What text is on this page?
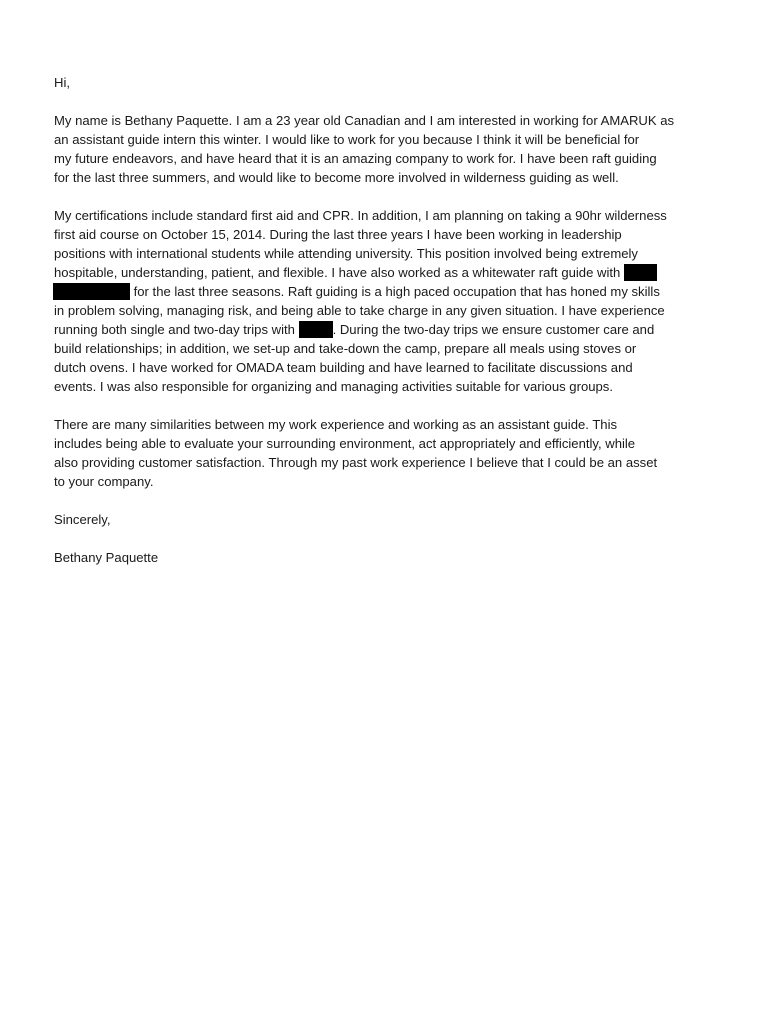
Hi,
My name is Bethany Paquette. I am a 23 year old Canadian and I am interested in working for AMARUK as
an assistant guide intern this winter. I would like to work for you because I think it will be beneficial for
my future endeavors, and have heard that it is an amazing company to work for. I have been raft guiding
for the last three summers, and would like to become more involved in wilderness guiding as well.
My certifications include standard first aid and CPR. In addition, I am planning on taking a 90hr wilderness
first aid course on October 15, 2014. During the last three years I have been working in leadership
positions with international students while attending university. This position involved being extremely
hospitable, understanding, patient, and flexible. I have also worked as a whitewater raft guide with
for the last three seasons. Raft guiding is a high paced occupation that has honed my skills
in problem solving, managing risk, and being able to take charge in any given situation. I have experience
running both single and two-day trips with	. During the two-day trips we ensure customer care and
build relationships; in addition, we set-up and take-down the camp, prepare all meals using stoves or
dutch ovens. I have worked for OMADA team building and have learned to facilitate discussions and
events. I was also responsible for organizing and managing activities suitable for various groups.
There are many similarities between my work experience and working as an assistant guide. This
includes being able to evaluate your surrounding environment, act appropriately and efficiently, while
also providing customer satisfaction. Through my past work experience I believe that I could be an asset
to your company.
Sincerely,
Bethany Paquette
